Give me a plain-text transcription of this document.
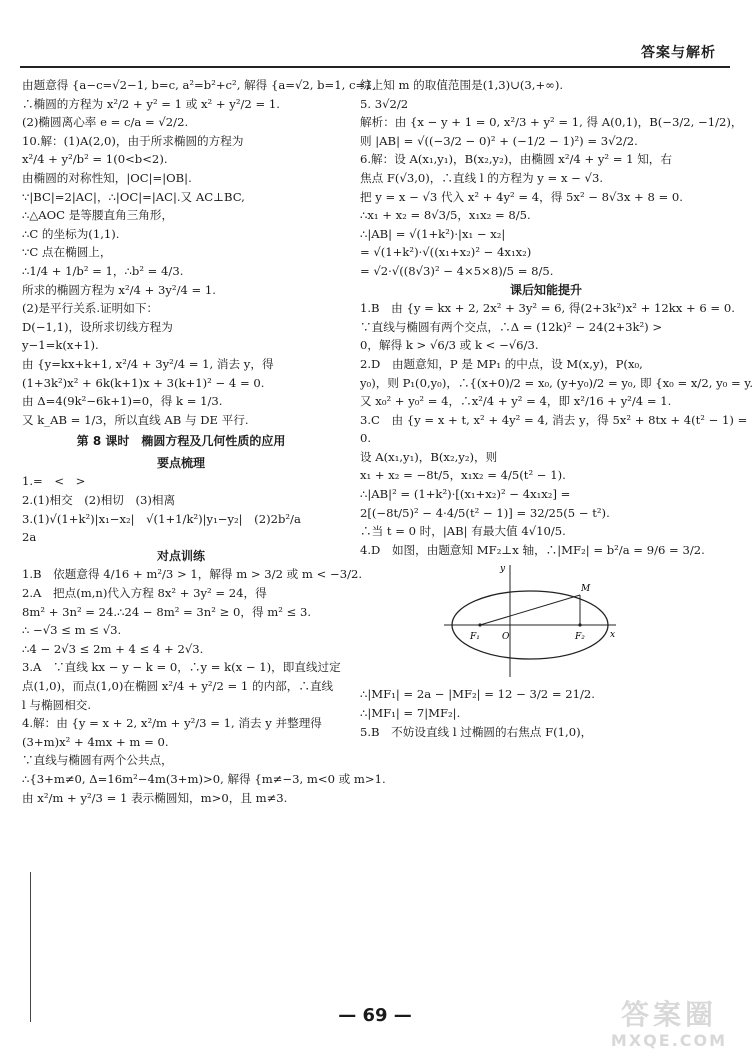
答案与解析
由题意得 {a−c=√2−1, b=c, a²=b²+c², 解得 {a=√2, b=1, c=1,
∴椭圆的方程为 x²/2 + y² = 1 或 x² + y²/2 = 1.
(2)椭圆离心率 e = c/a = √2/2.
10.解：(1)A(2,0)，由于所求椭圆的方程为
x²/4 + y²/b² = 1(0<b<2).
由椭圆的对称性知，|OC|=|OB|.
∵|BC|=2|AC|，∴|OC|=|AC|.又 AC⊥BC,
∴△AOC 是等腰直角三角形，
∴C 的坐标为(1,1).
∵C 点在椭圆上，
∴1/4 + 1/b² = 1，∴b² = 4/3.
所求的椭圆方程为 x²/4 + 3y²/4 = 1.
(2)是平行关系.证明如下：
D(−1,1)，设所求切线方程为
y−1=k(x+1).
由 {y=kx+k+1, x²/4 + 3y²/4 = 1, 消去 y，得
(1+3k²)x² + 6k(k+1)x + 3(k+1)² − 4 = 0.
由 Δ=4(9k²−6k+1)=0，得 k = 1/3.
又 k_AB = 1/3，所以直线 AB 与 DE 平行.
第 8 课时　椭圆方程及几何性质的应用
要点梳理
1.=　<　>
2.(1)相交　(2)相切　(3)相离
3.(1)√(1+k²)|x₁−x₂|　√(1+1/k²)|y₁−y₂|　(2)2b²/a
2a
对点训练
1.B　依题意得 4/16 + m²/3 > 1，解得 m > 3/2 或 m < −3/2.
2.A　把点(m,n)代入方程 8x² + 3y² = 24，得
8m² + 3n² = 24.∴24 − 8m² = 3n² ≥ 0，得 m² ≤ 3.
∴ −√3 ≤ m ≤ √3.
∴4 − 2√3 ≤ 2m + 4 ≤ 4 + 2√3.
3.A　∵直线 kx − y − k = 0，∴y = k(x − 1)，即直线过定
点(1,0)，而点(1,0)在椭圆 x²/4 + y²/2 = 1 的内部，∴直线
l 与椭圆相交.
4.解：由 {y = x + 2, x²/m + y²/3 = 1, 消去 y 并整理得
(3+m)x² + 4mx + m = 0.
∵直线与椭圆有两个公共点，
∴{3+m≠0, Δ=16m²−4m(3+m)>0, 解得 {m≠−3, m<0 或 m>1.
由 x²/m + y²/3 = 1 表示椭圆知，m>0，且 m≠3.
综上知 m 的取值范围是(1,3)∪(3,+∞).
5. 3√2/2
解析：由 {x − y + 1 = 0, x²/3 + y² = 1, 得 A(0,1)，B(−3/2, −1/2)，
则 |AB| = √((−3/2 − 0)² + (−1/2 − 1)²) = 3√2/2.
6.解：设 A(x₁,y₁)，B(x₂,y₂)，由椭圆 x²/4 + y² = 1 知，右
焦点 F(√3,0)，∴直线 l 的方程为 y = x − √3.
把 y = x − √3 代入 x² + 4y² = 4，得 5x² − 8√3x + 8 = 0.
∴x₁ + x₂ = 8√3/5，x₁x₂ = 8/5.
∴|AB| = √(1+k²)·|x₁ − x₂|
= √(1+k²)·√((x₁+x₂)² − 4x₁x₂)
= √2·√((8√3)² − 4×5×8)/5 = 8/5.
课后知能提升
1.B　由 {y = kx + 2, 2x² + 3y² = 6, 得(2+3k²)x² + 12kx + 6 = 0.
∵直线与椭圆有两个交点，∴Δ = (12k)² − 24(2+3k²) >
0，解得 k > √6/3 或 k < −√6/3.
2.D　由题意知，P 是 MP₁ 的中点，设 M(x,y)，P(x₀,
y₀)，则 P₁(0,y₀)，∴{(x+0)/2 = x₀, (y+y₀)/2 = y₀, 即 {x₀ = x/2, y₀ = y.
又 x₀² + y₀² = 4，∴x²/4 + y² = 4，即 x²/16 + y²/4 = 1.
3.C　由 {y = x + t, x² + 4y² = 4, 消去 y，得 5x² + 8tx + 4(t² − 1) =
0.
设 A(x₁,y₁)，B(x₂,y₂)，则
x₁ + x₂ = −8t/5，x₁x₂ = 4/5(t² − 1).
∴|AB|² = (1+k²)·[(x₁+x₂)² − 4x₁x₂] =
2[(−8t/5)² − 4·4/5(t² − 1)] = 32/25(5 − t²).
∴当 t = 0 时，|AB| 有最大值 4√10/5.
4.D　如图，由题意知 MF₂⊥x 轴，∴|MF₂| = b²/a = 9/6 = 3/2.
y
x
M
F₁ O	F₂
∴|MF₁| = 2a − |MF₂| = 12 − 3/2 = 21/2.
∴|MF₁| = 7|MF₂|.
5.B　不妨设直线 l 过椭圆的右焦点 F(1,0)，
— 69 —	答案圈
MXQE.COM
